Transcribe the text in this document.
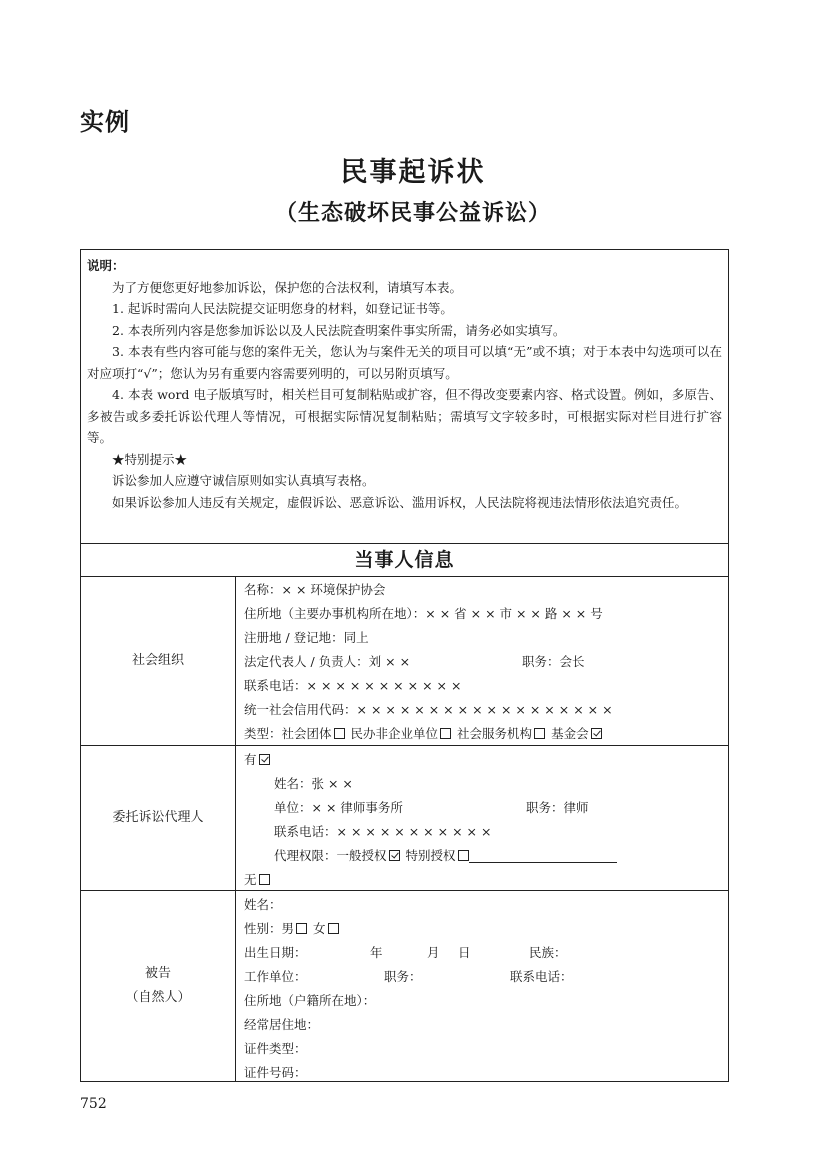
实例
民事起诉状
（生态破坏民事公益诉讼）
说明：

为了方便您更好地参加诉讼，保护您的合法权利，请填写本表。

1. 起诉时需向人民法院提交证明您身的材料，如登记证书等。

2. 本表所列内容是您参加诉讼以及人民法院查明案件事实所需，请务必如实填写。

3. 本表有些内容可能与您的案件无关，您认为与案件无关的项目可以填“无”或不填；对于本表中勾选项可以在对应项打“√”；您认为另有重要内容需要列明的，可以另附页填写。

4. 本表 word 电子版填写时，相关栏目可复制粘贴或扩容，但不得改变要素内容、格式设置。例如，多原告、多被告或多委托诉讼代理人等情况，可根据实际情况复制粘贴；需填写文字较多时，可根据实际对栏目进行扩容等。

★特别提示★

诉讼参加人应遵守诚信原则如实认真填写表格。

如果诉讼参加人违反有关规定，虚假诉讼、恶意诉讼、滥用诉权，人民法院将视违法情形依法追究责任。

当事人信息
社会组织
名称：× × 环境保护协会
住所地（主要办事机构所在地）：× × 省 × × 市 × × 路 × × 号
注册地 / 登记地：同上
法定代表人 / 负责人：刘 × ×	职务：会长
联系电话：× × × × × × × × × × ×
统一社会信用代码：× × × × × × × × × × × × × × × × × ×
类型：社会团体 民办非企业单位 社会服务机构 基金会
委托诉讼代理人
有
姓名：张 × ×
单位：× × 律师事务所	职务：律师
联系电话：× × × × × × × × × × ×
代理权限：一般授权 特别授权
无
被告
（自然人）
姓名：
性别：男 女
出生日期：	年	月 日	民族：
工作单位：	职务：	联系电话：
住所地（户籍所在地）：
经常居住地：
证件类型：
证件号码：
752
